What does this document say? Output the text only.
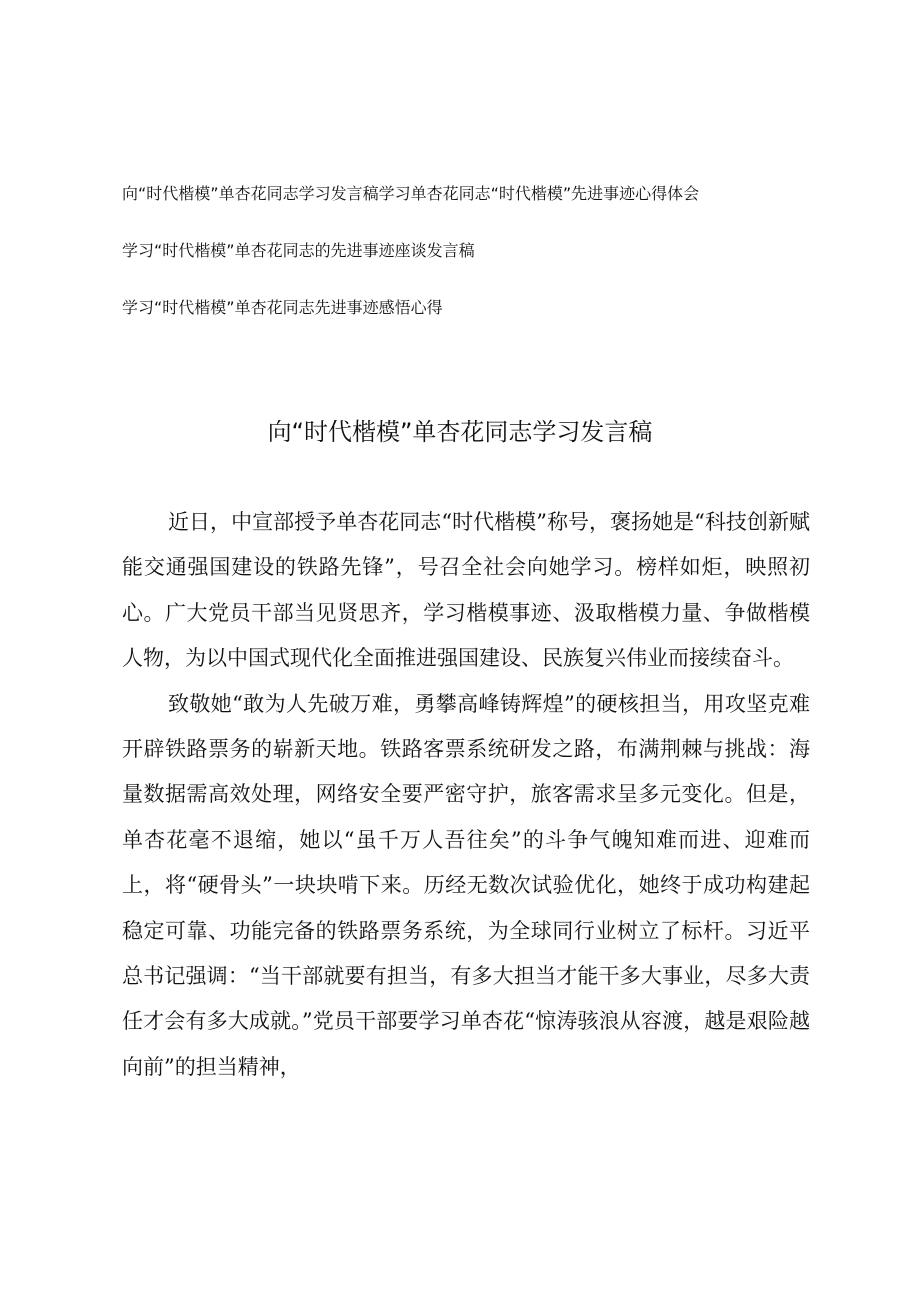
向“时代楷模”单杏花同志学习发言稿学习单杏花同志“时代楷模”先进事迹心得体会
学习“时代楷模”单杏花同志的先进事迹座谈发言稿
学习“时代楷模”单杏花同志先进事迹感悟心得
向“时代楷模”单杏花同志学习发言稿

近日，中宣部授予单杏花同志“时代楷模”称号，褒扬她是“科技创新赋能交通强国建设的铁路先锋”，号召全社会向她学习。榜样如炬，映照初心。广大党员干部当见贤思齐，学习楷模事迹、汲取楷模力量、争做楷模人物，为以中国式现代化全面推进强国建设、民族复兴伟业而接续奋斗。

致敬她“敢为人先破万难，勇攀高峰铸辉煌”的硬核担当，用攻坚克难开辟铁路票务的崭新天地。铁路客票系统研发之路，布满荆棘与挑战：海量数据需高效处理，网络安全要严密守护，旅客需求呈多元变化。但是，单杏花毫不退缩，她以“虽千万人吾往矣”的斗争气魄知难而进、迎难而上，将“硬骨头”一块块啃下来。历经无数次试验优化，她终于成功构建起稳定可靠、功能完备的铁路票务系统，为全球同行业树立了标杆。习近平总书记强调：“当干部就要有担当，有多大担当才能干多大事业，尽多大责任才会有多大成就。”党员干部要学习单杏花“惊涛骇浪从容渡，越是艰险越向前”的担当精神，
